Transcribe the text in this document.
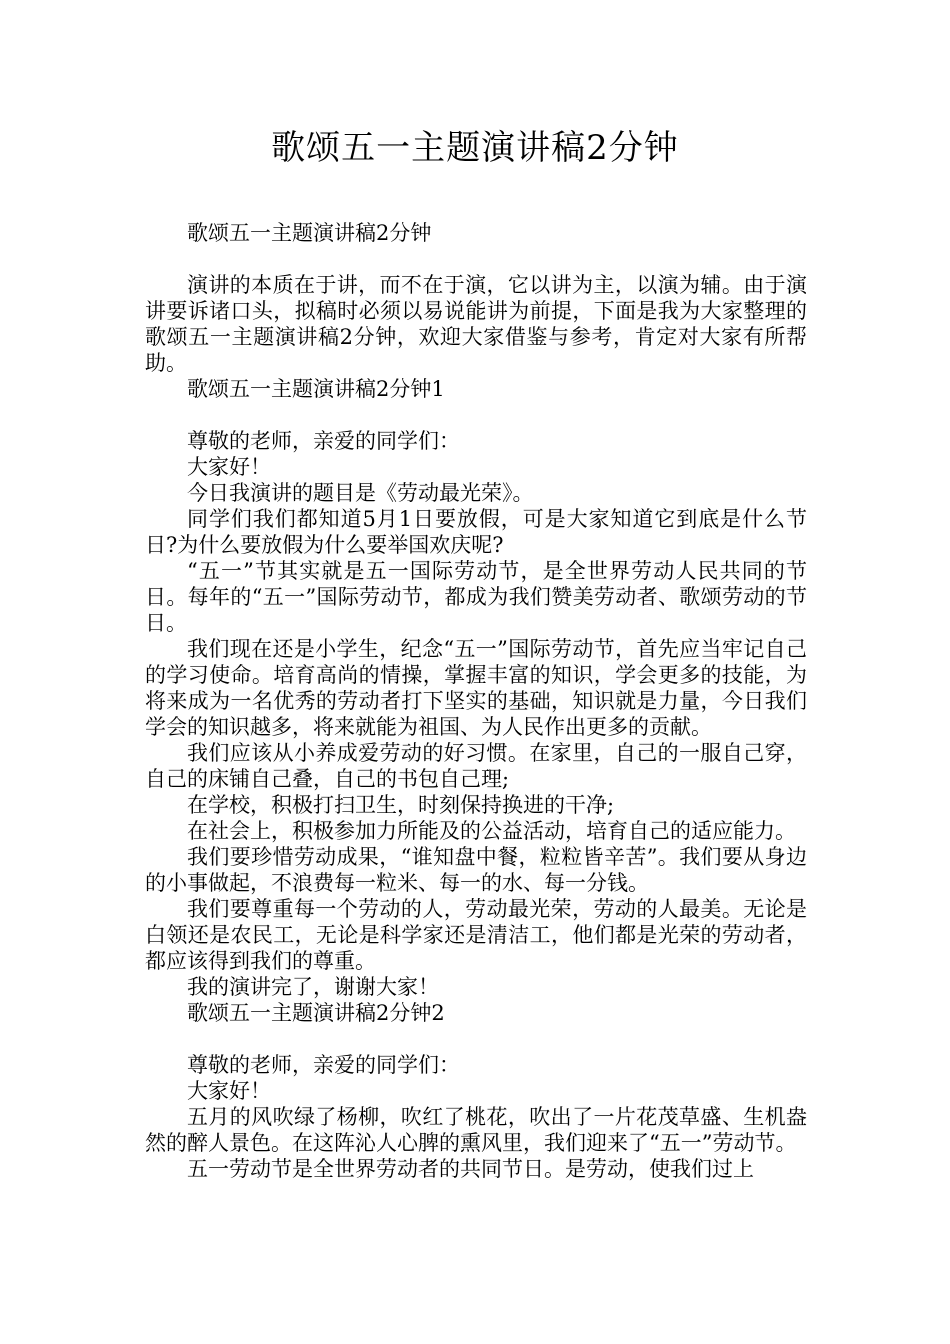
歌颂五一主题演讲稿2分钟

歌颂五一主题演讲稿2分钟

演讲的本质在于讲，而不在于演，它以讲为主，以演为辅。由于演讲要诉诸口头，拟稿时必须以易说能讲为前提，下面是我为大家整理的歌颂五一主题演讲稿2分钟，欢迎大家借鉴与参考，肯定对大家有所帮助。

歌颂五一主题演讲稿2分钟1

尊敬的老师，亲爱的同学们：

大家好！

今日我演讲的题目是《劳动最光荣》。

同学们我们都知道5月1日要放假，可是大家知道它到底是什么节日?为什么要放假为什么要举国欢庆呢?

“五一”节其实就是五一国际劳动节，是全世界劳动人民共同的节日。每年的“五一”国际劳动节，都成为我们赞美劳动者、歌颂劳动的节日。

我们现在还是小学生，纪念“五一”国际劳动节，首先应当牢记自己的学习使命。培育高尚的情操，掌握丰富的知识，学会更多的技能，为将来成为一名优秀的劳动者打下坚实的基础，知识就是力量，今日我们学会的知识越多，将来就能为祖国、为人民作出更多的贡献。

我们应该从小养成爱劳动的好习惯。在家里，自己的一服自己穿，自己的床铺自己叠，自己的书包自己理;

在学校，积极打扫卫生，时刻保持换进的干净;

在社会上，积极参加力所能及的公益活动，培育自己的适应能力。

我们要珍惜劳动成果，“谁知盘中餐，粒粒皆辛苦”。我们要从身边的小事做起，不浪费每一粒米、每一的水、每一分钱。

我们要尊重每一个劳动的人，劳动最光荣，劳动的人最美。无论是白领还是农民工，无论是科学家还是清洁工，他们都是光荣的劳动者，都应该得到我们的尊重。

我的演讲完了，谢谢大家！

歌颂五一主题演讲稿2分钟2

尊敬的老师，亲爱的同学们：

大家好！

五月的风吹绿了杨柳，吹红了桃花，吹出了一片花茂草盛、生机盎然的醉人景色。在这阵沁人心脾的熏风里，我们迎来了“五一”劳动节。

五一劳动节是全世界劳动者的共同节日。是劳动，使我们过上
